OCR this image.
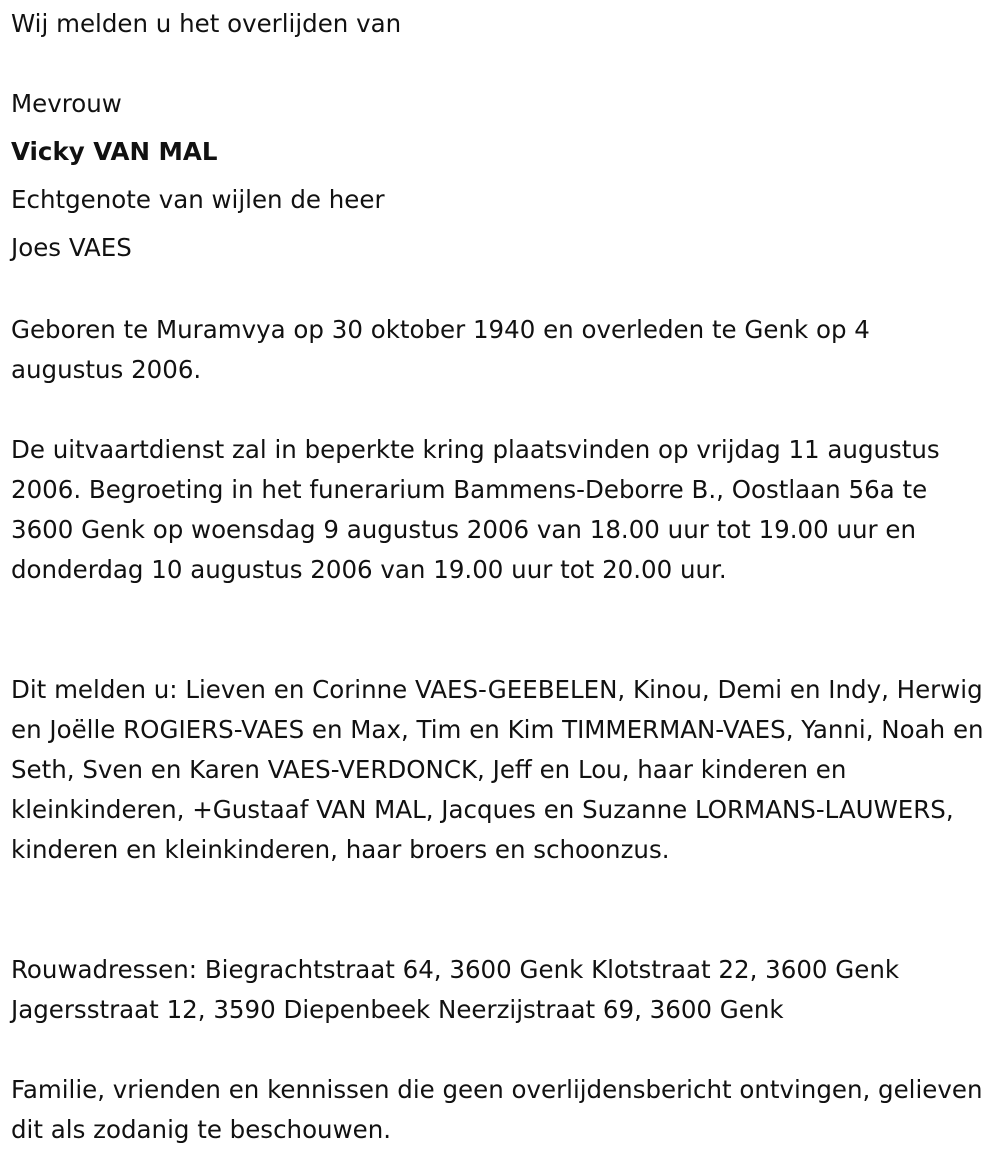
Wij melden u het overlijden van
Mevrouw
Vicky VAN MAL
Echtgenote van wijlen de heer
Joes VAES
Geboren te Muramvya op 30 oktober 1940 en overleden te Genk op 4 augustus 2006.
De uitvaartdienst zal in beperkte kring plaatsvinden op vrijdag 11 augustus 2006. Begroeting in het funerarium Bammens-Deborre B., Oostlaan 56a te 3600 Genk op woensdag 9 augustus 2006 van 18.00 uur tot 19.00 uur en donderdag 10 augustus 2006 van 19.00 uur tot 20.00 uur.
Dit melden u: Lieven en Corinne VAES-GEEBELEN, Kinou, Demi en Indy, Herwig en Joëlle ROGIERS-VAES en Max, Tim en Kim TIMMERMAN-VAES, Yanni, Noah en Seth, Sven en Karen VAES-VERDONCK, Jeff en Lou, haar kinderen en kleinkinderen, +Gustaaf VAN MAL, Jacques en Suzanne LORMANS-LAUWERS, kinderen en kleinkinderen, haar broers en schoonzus.
Rouwadressen: Biegrachtstraat 64, 3600 Genk Klotstraat 22, 3600 Genk Jagersstraat 12, 3590 Diepenbeek Neerzijstraat 69, 3600 Genk
Familie, vrienden en kennissen die geen overlijdensbericht ontvingen, gelieven dit als zodanig te beschouwen.
